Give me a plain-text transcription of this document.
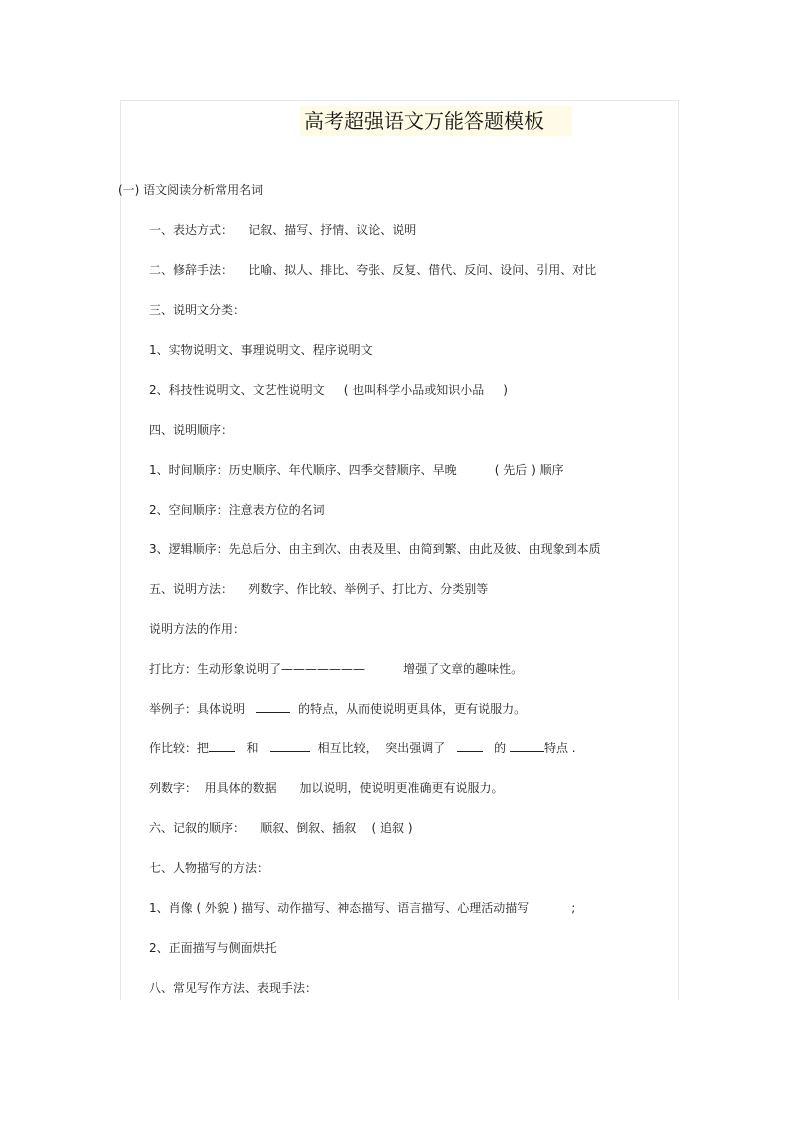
高考超强语文万能答题模板
(一) 语文阅读分析常用名词
一、表达方式：    记叙、描写、抒情、议论、说明
二、修辞手法：    比喻、拟人、排比、夸张、反复、借代、反问、设问、引用、对比
三、说明文分类：
1、实物说明文、事理说明文、程序说明文
2、科技性说明文、文艺性说明文     ( 也叫科学小品或知识小品     )
四、说明顺序：
1、时间顺序：历史顺序、年代顺序、四季交替顺序、早晚          ( 先后 ) 顺序
2、空间顺序：注意表方位的名词
3、逻辑顺序：先总后分、由主到次、由表及里、由简到繁、由此及彼、由现象到本质
五、说明方法：    列数字、作比较、举例子、打比方、分类别等
说明方法的作用：
打比方：生动形象说明了———————          增强了文章的趣味性。
举例子：具体说明	的特点，从而使说明更具体，更有说服力。
作比较：把	和	相互比较，  突出强调了	的	特点 .
列数字：  用具体的数据      加以说明，使说明更准确更有说服力。
六、记叙的顺序：    顺叙、倒叙、插叙    ( 追叙 )
七、人物描写的方法：
1、肖像 ( 外貌 ) 描写、动作描写、神态描写、语言描写、心理活动描写           ;
2、正面描写与侧面烘托
八、常见写作方法、表现手法：
